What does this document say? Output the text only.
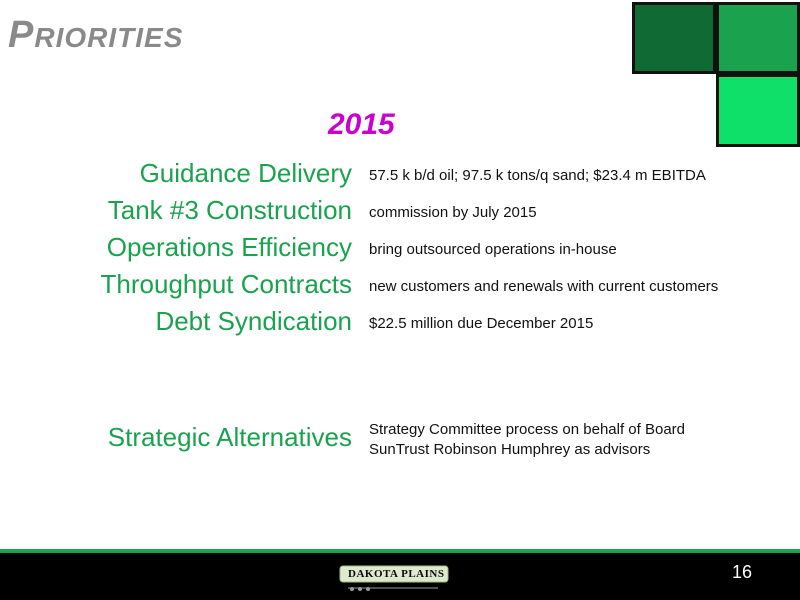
PRIORITIES
2015
Guidance Delivery 57.5 k b/d oil; 97.5 k tons/q sand; $23.4 m EBITDA
Tank #3 Construction commission by July 2015
Operations Efficiency bring outsourced operations in-house
Throughput Contracts new customers and renewals with current customers
Debt Syndication $22.5 million due December 2015
Strategic Alternatives Strategy Committee process on behalf of Board
SunTrust Robinson Humphrey as advisors
DAKOTA PLAINS	16
